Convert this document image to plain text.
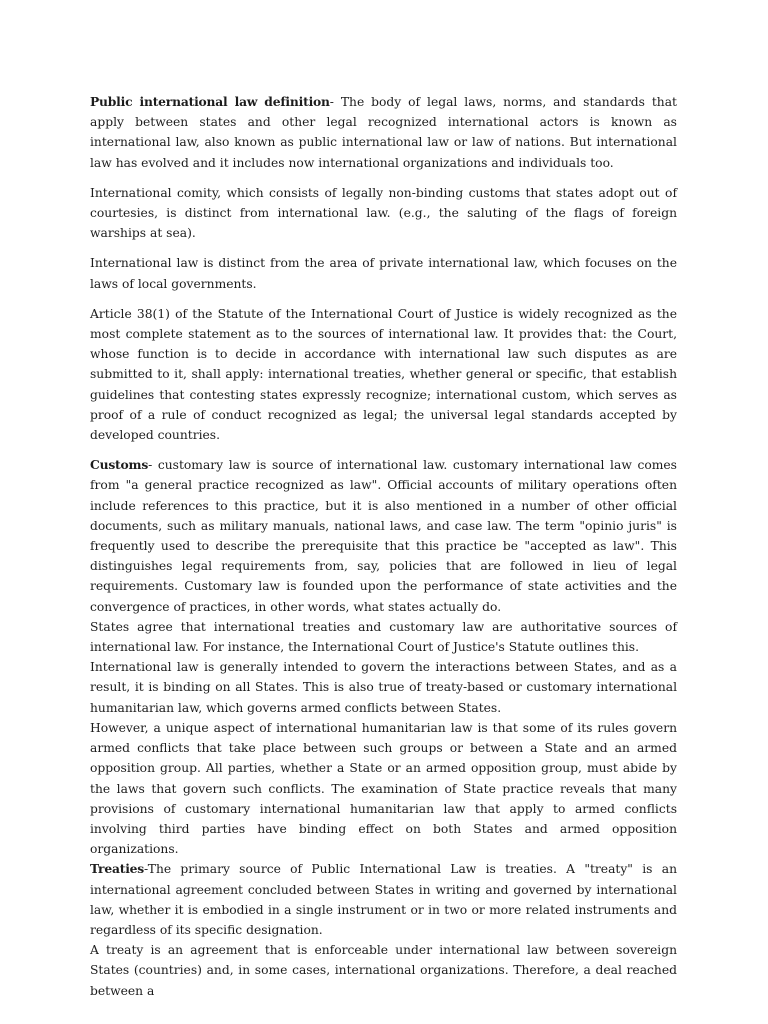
Public international law definition- The body of legal laws, norms, and standards that apply between states and other legal recognized international actors is known as international law, also known as public international law or law of nations. But international law has evolved and it includes now international organizations and individuals too.

International comity, which consists of legally non-binding customs that states adopt out of courtesies, is distinct from international law. (e.g., the saluting of the flags of foreign warships at sea).

International law is distinct from the area of private international law, which focuses on the laws of local governments.

Article 38(1) of the Statute of the International Court of Justice is widely recognized as the most complete statement as to the sources of international law. It provides that: the Court, whose function is to decide in accordance with international law such disputes as are submitted to it, shall apply: international treaties, whether general or specific, that establish guidelines that contesting states expressly recognize; international custom, which serves as proof of a rule of conduct recognized as legal; the universal legal standards accepted by developed countries.

Customs- customary law is source of international law. customary international law comes from "a general practice recognized as law". Official accounts of military operations often include references to this practice, but it is also mentioned in a number of other official documents, such as military manuals, national laws, and case law. The term "opinio juris" is frequently used to describe the prerequisite that this practice be "accepted as law". This distinguishes legal requirements from, say, policies that are followed in lieu of legal requirements. Customary law is founded upon the performance of state activities and the convergence of practices, in other words, what states actually do.

States agree that international treaties and customary law are authoritative sources of international law. For instance, the International Court of Justice's Statute outlines this.

International law is generally intended to govern the interactions between States, and as a result, it is binding on all States. This is also true of treaty-based or customary international humanitarian law, which governs armed conflicts between States.

However, a unique aspect of international humanitarian law is that some of its rules govern armed conflicts that take place between such groups or between a State and an armed opposition group. All parties, whether a State or an armed opposition group, must abide by the laws that govern such conflicts. The examination of State practice reveals that many provisions of customary international humanitarian law that apply to armed conflicts involving third parties have binding effect on both States and armed opposition organizations.

Treaties-The primary source of Public International Law is treaties. A "treaty" is an international agreement concluded between States in writing and governed by international law, whether it is embodied in a single instrument or in two or more related instruments and regardless of its specific designation.

A treaty is an agreement that is enforceable under international law between sovereign States (countries) and, in some cases, international organizations. Therefore, a deal reached between a
